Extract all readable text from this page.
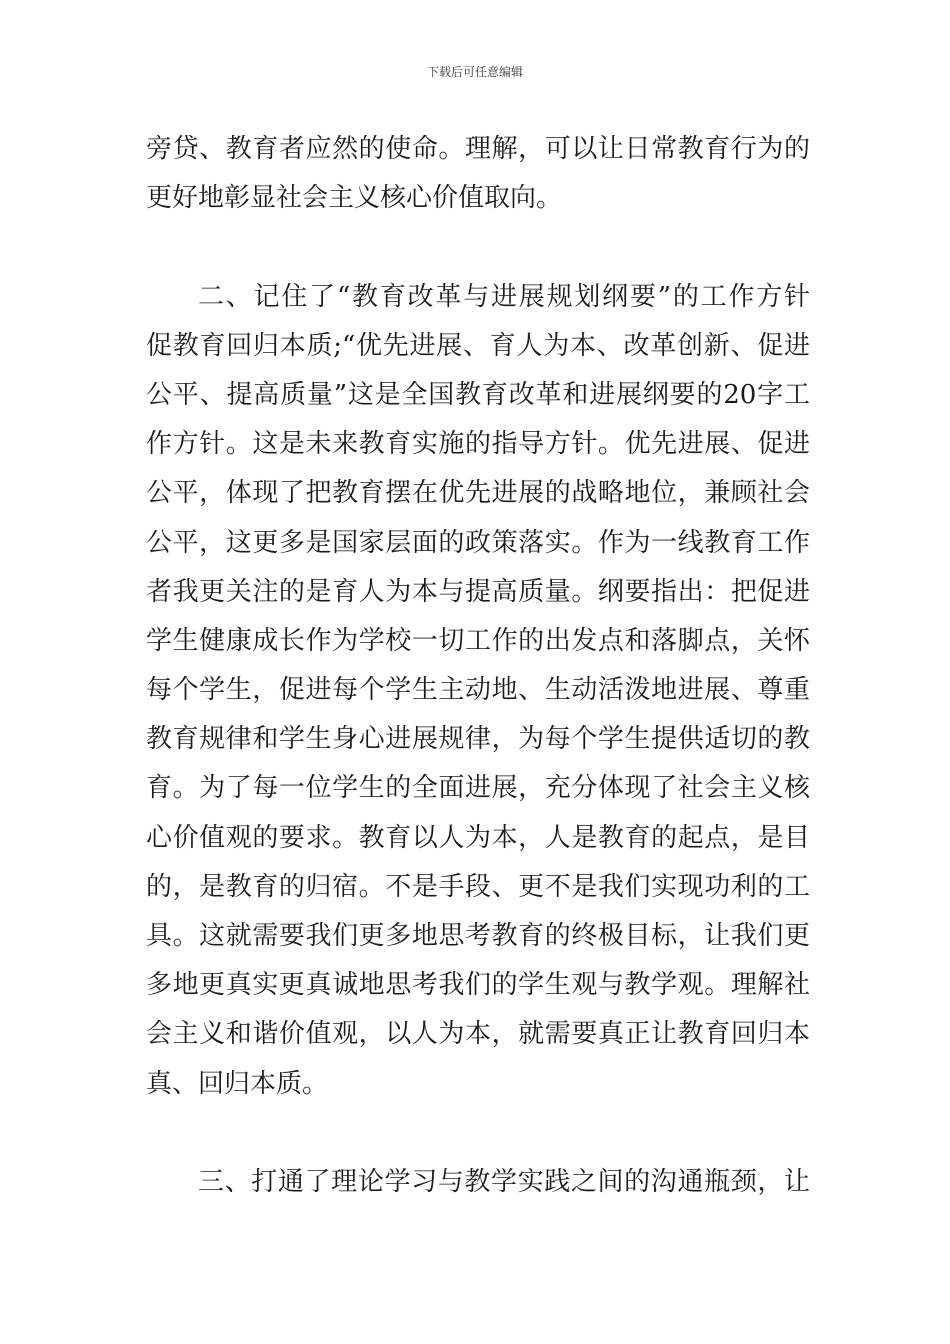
下载后可任意编辑
旁贷、教育者应然的使命。理解，可以让日常教育行为的
更好地彰显社会主义核心价值取向。
二、记住了“教育改革与进展规划纲要”的工作方针
促教育回归本质;“优先进展、育人为本、改革创新、促进
公平、提高质量”这是全国教育改革和进展纲要的20字工
作方针。这是未来教育实施的指导方针。优先进展、促进
公平，体现了把教育摆在优先进展的战略地位，兼顾社会
公平，这更多是国家层面的政策落实。作为一线教育工作
者我更关注的是育人为本与提高质量。纲要指出：把促进
学生健康成长作为学校一切工作的出发点和落脚点，关怀
每个学生，促进每个学生主动地、生动活泼地进展、尊重
教育规律和学生身心进展规律，为每个学生提供适切的教
育。为了每一位学生的全面进展，充分体现了社会主义核
心价值观的要求。教育以人为本，人是教育的起点，是目
的，是教育的归宿。不是手段、更不是我们实现功利的工
具。这就需要我们更多地思考教育的终极目标，让我们更
多地更真实更真诚地思考我们的学生观与教学观。理解社
会主义和谐价值观，以人为本，就需要真正让教育回归本
真、回归本质。
三、打通了理论学习与教学实践之间的沟通瓶颈，让
